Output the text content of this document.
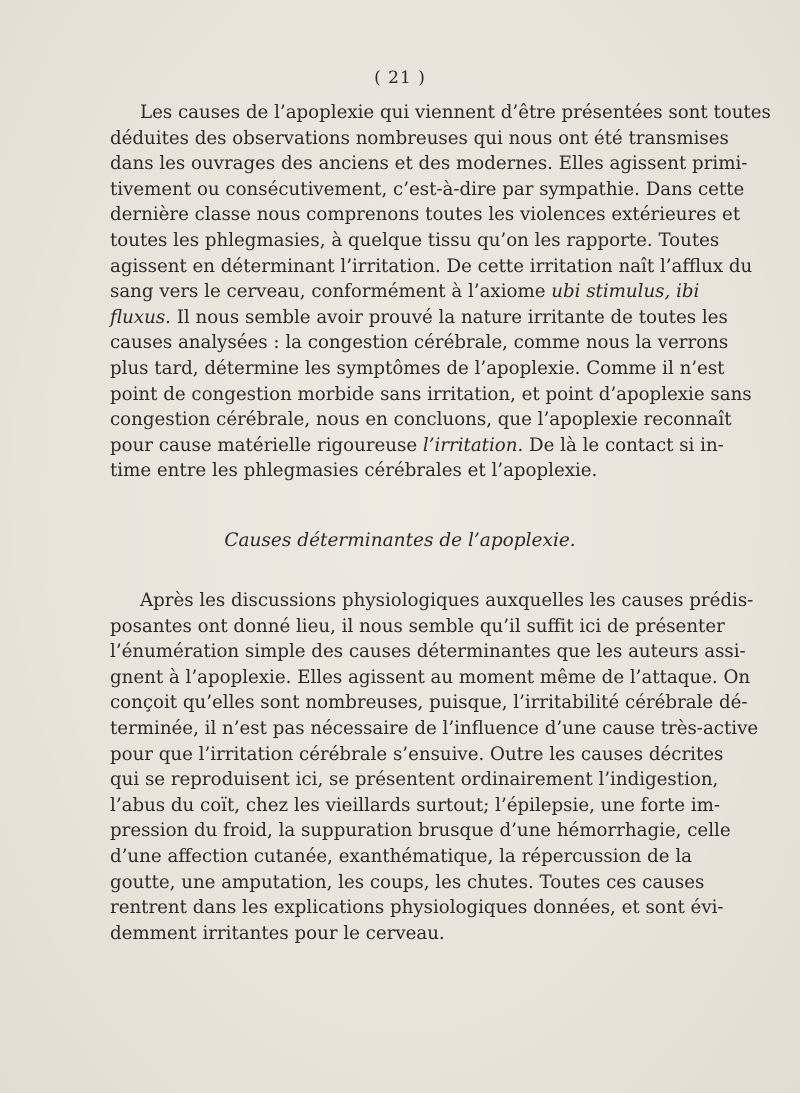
( 21 )

Les causes de l’apoplexie qui viennent d’être présentées sont toutes
déduites des observations nombreuses qui nous ont été transmises
dans les ouvrages des anciens et des modernes. Elles agissent primi-
tivement ou consécutivement, c’est-à-dire par sympathie. Dans cette
dernière classe nous comprenons toutes les violences extérieures et
toutes les phlegmasies, à quelque tissu qu’on les rapporte. Toutes
agissent en déterminant l’irritation. De cette irritation naît l’afflux du
sang vers le cerveau, conformément à l’axiome ubi stimulus, ibi
fluxus. Il nous semble avoir prouvé la nature irritante de toutes les
causes analysées : la congestion cérébrale, comme nous la verrons
plus tard, détermine les symptômes de l’apoplexie. Comme il n’est
point de congestion morbide sans irritation, et point d’apoplexie sans
congestion cérébrale, nous en concluons, que l’apoplexie reconnaît
pour cause matérielle rigoureuse l’irritation. De là le contact si in-
time entre les phlegmasies cérébrales et l’apoplexie.

Causes déterminantes de l’apoplexie.

Après les discussions physiologiques auxquelles les causes prédis-
posantes ont donné lieu, il nous semble qu’il suffit ici de présenter
l’énumération simple des causes déterminantes que les auteurs assi-
gnent à l’apoplexie. Elles agissent au moment même de l’attaque. On
conçoit qu’elles sont nombreuses, puisque, l’irritabilité cérébrale dé-
terminée, il n’est pas nécessaire de l’influence d’une cause très-active
pour que l’irritation cérébrale s’ensuive. Outre les causes décrites
qui se reproduisent ici, se présentent ordinairement l’indigestion,
l’abus du coït, chez les vieillards surtout; l’épilepsie, une forte im-
pression du froid, la suppuration brusque d’une hémorrhagie, celle
d’une affection cutanée, exanthématique, la répercussion de la
goutte, une amputation, les coups, les chutes. Toutes ces causes
rentrent dans les explications physiologiques données, et sont évi-
demment irritantes pour le cerveau.
